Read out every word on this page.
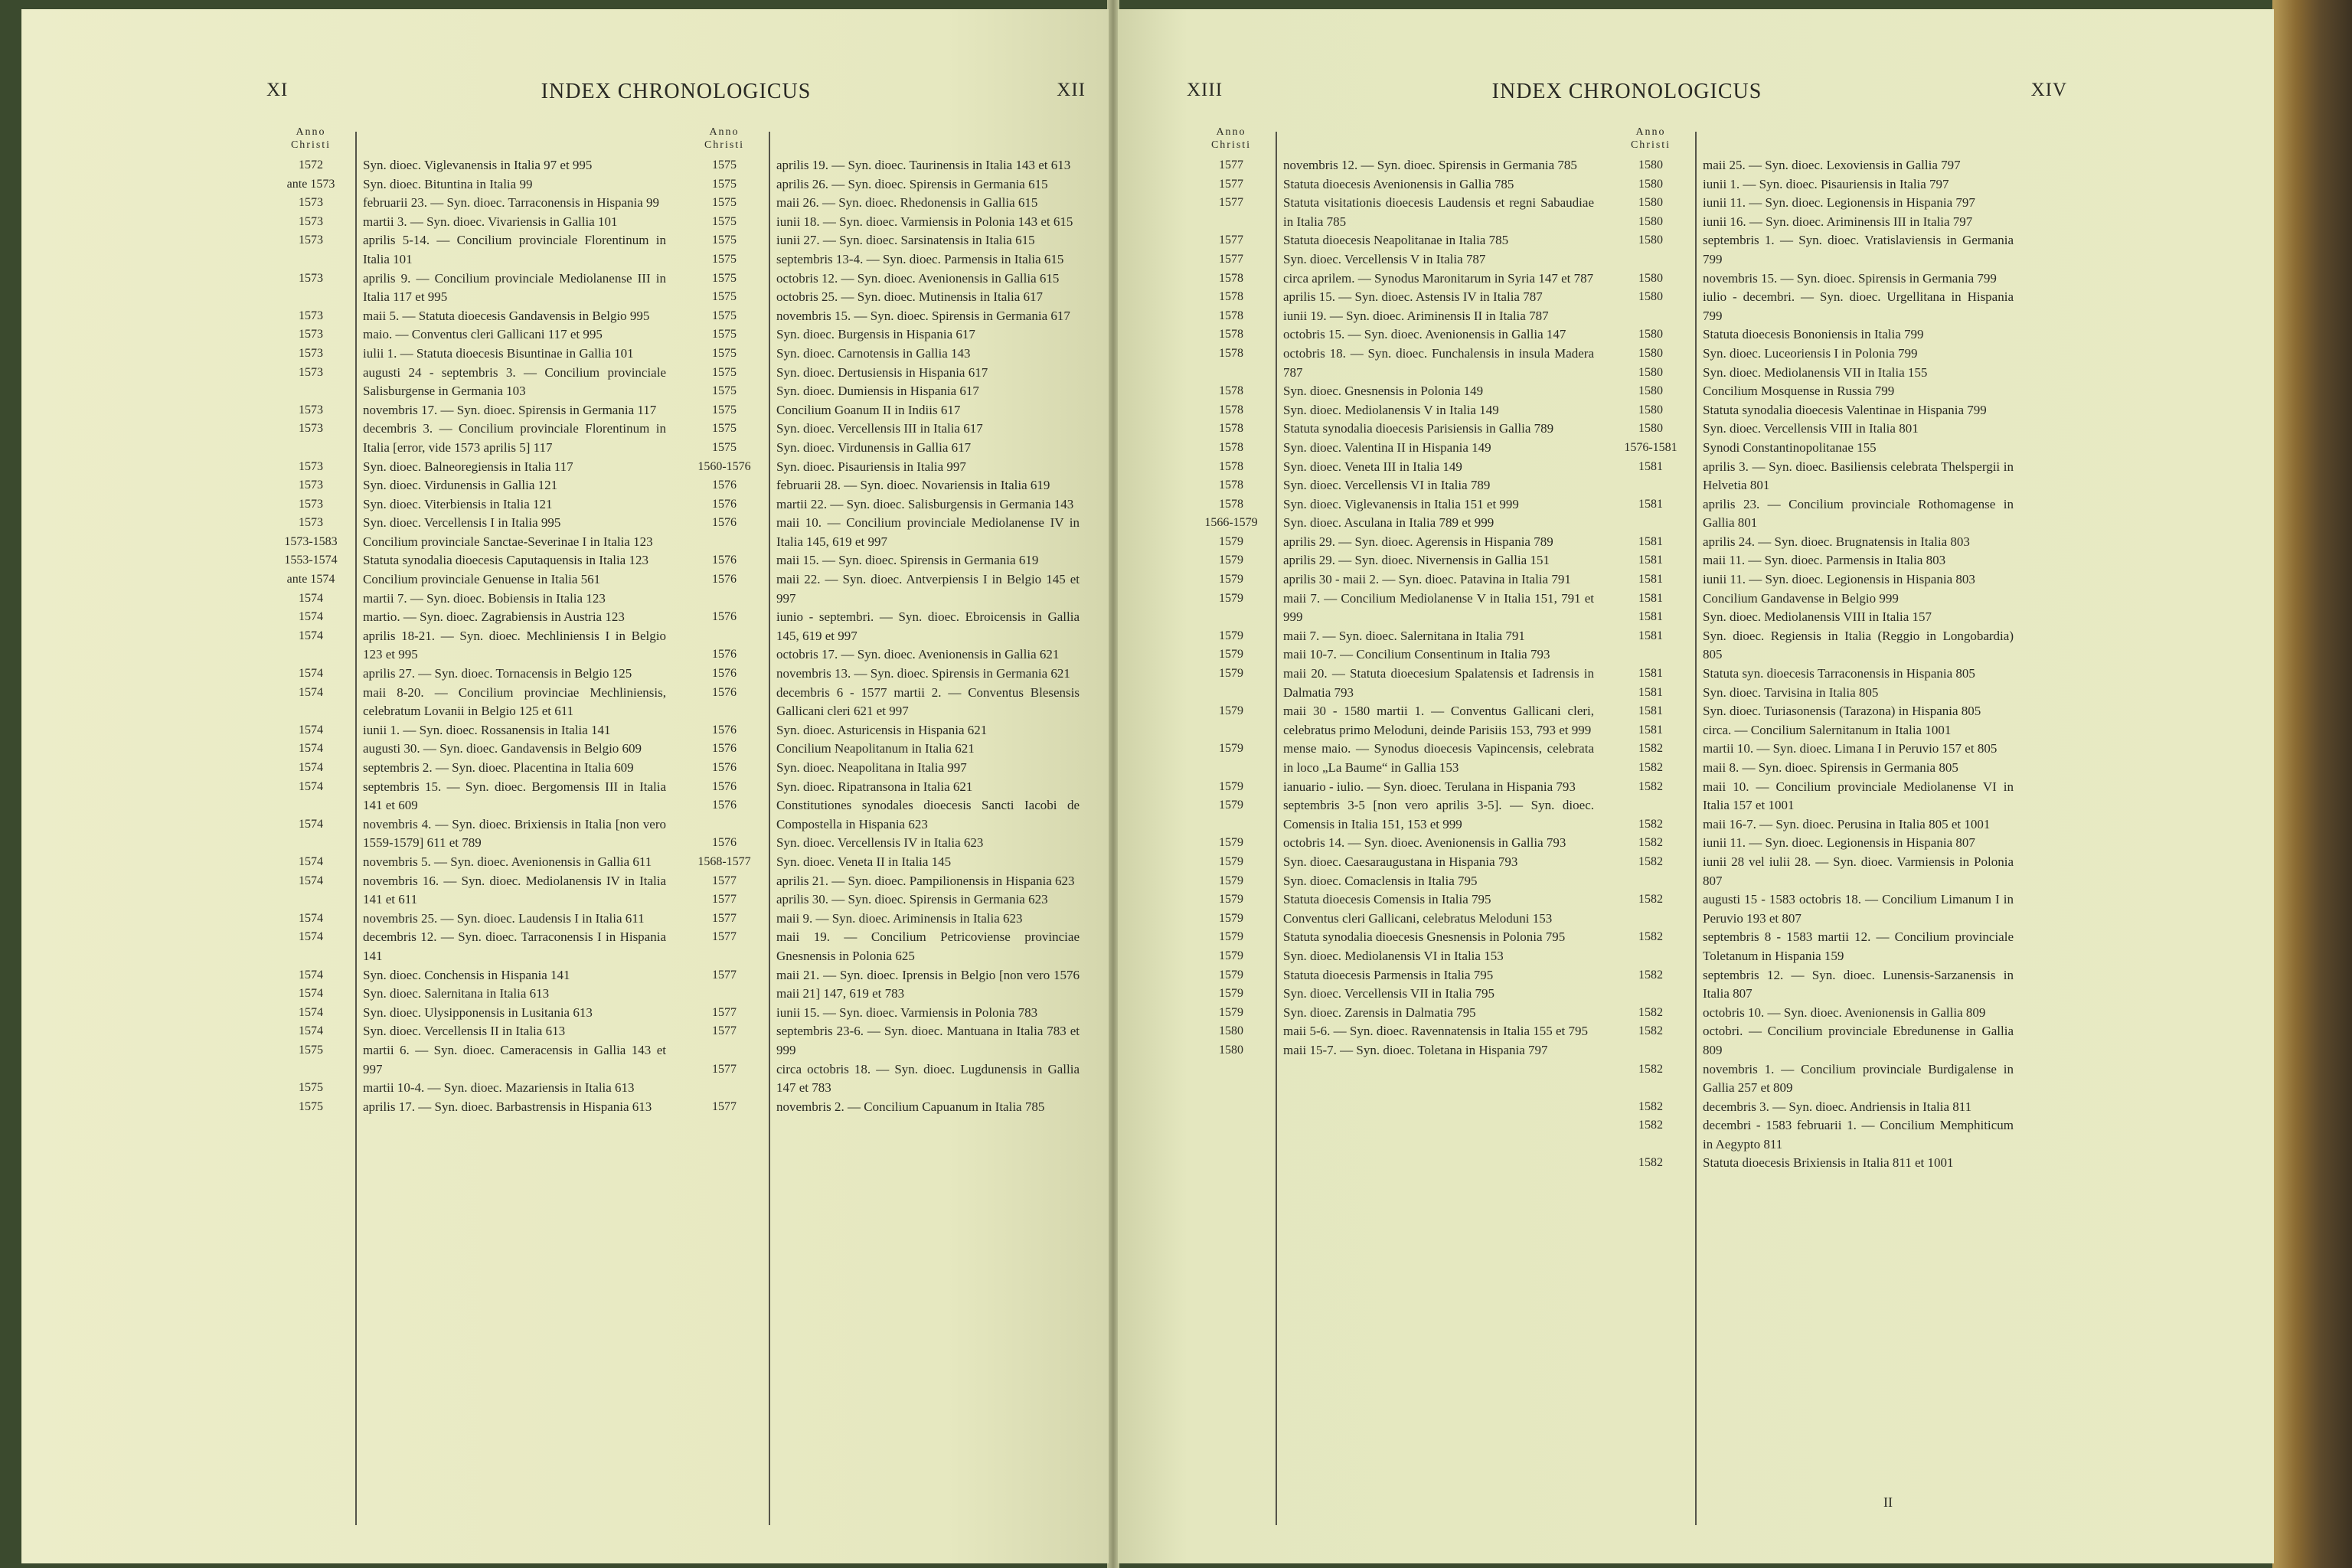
XI	INDEX CHRONOLOGICUS	XII
Anno
Christi
1572	Syn. dioec. Viglevanensis in Italia 97 et 995
ante 1573	Syn. dioec. Bituntina in Italia 99
1573	februarii 23. — Syn. dioec. Tarraconensis in Hispania 99
1573	martii 3. — Syn. dioec. Vivariensis in Gallia 101
1573	aprilis 5-14. — Concilium provinciale Florentinum in Italia 101
1573	aprilis 9. — Concilium provinciale Mediolanense III in Italia 117 et 995
1573	maii 5. — Statuta dioecesis Gandavensis in Belgio 995
1573	maio. — Conventus cleri Gallicani 117 et 995
1573	iulii 1. — Statuta dioecesis Bisuntinae in Gallia 101
1573	augusti 24 - septembris 3. — Concilium provinciale Salisburgense in Germania 103
1573	novembris 17. — Syn. dioec. Spirensis in Germania 117
1573	decembris 3. — Concilium provinciale Florentinum in Italia [error, vide 1573 aprilis 5] 117
1573	Syn. dioec. Balneoregiensis in Italia 117
1573	Syn. dioec. Virdunensis in Gallia 121
1573	Syn. dioec. Viterbiensis in Italia 121
1573	Syn. dioec. Vercellensis I in Italia 995
1573-1583	Concilium provinciale Sanctae-Severinae I in Italia 123
1553-1574	Statuta synodalia dioecesis Caputaquensis in Italia 123
ante 1574	Concilium provinciale Genuense in Italia 561
1574	martii 7. — Syn. dioec. Bobiensis in Italia 123
1574	martio. — Syn. dioec. Zagrabiensis in Austria 123
1574	aprilis 18-21. — Syn. dioec. Mechliniensis I in Belgio 123 et 995
1574	aprilis 27. — Syn. dioec. Tornacensis in Belgio 125
1574	maii 8-20. — Concilium provinciae Mechliniensis, celebratum Lovanii in Belgio 125 et 611
1574	iunii 1. — Syn. dioec. Rossanensis in Italia 141
1574	augusti 30. — Syn. dioec. Gandavensis in Belgio 609
1574	septembris 2. — Syn. dioec. Placentina in Italia 609
1574	septembris 15. — Syn. dioec. Bergomensis III in Italia 141 et 609
1574	novembris 4. — Syn. dioec. Brixiensis in Italia [non vero 1559-1579] 611 et 789
1574	novembris 5. — Syn. dioec. Avenionensis in Gallia 611
1574	novembris 16. — Syn. dioec. Mediolanensis IV in Italia 141 et 611
1574	novembris 25. — Syn. dioec. Laudensis I in Italia 611
1574	decembris 12. — Syn. dioec. Tarraconensis I in Hispania 141
1574	Syn. dioec. Conchensis in Hispania 141
1574	Syn. dioec. Salernitana in Italia 613
1574	Syn. dioec. Ulysipponensis in Lusitania 613
1574	Syn. dioec. Vercellensis II in Italia 613
1575	martii 6. — Syn. dioec. Cameracensis in Gallia 143 et 997
1575	martii 10-4. — Syn. dioec. Mazariensis in Italia 613
1575	aprilis 17. — Syn. dioec. Barbastrensis in Hispania 613
Anno
Christi
1575	aprilis 19. — Syn. dioec. Taurinensis in Italia 143 et 613
1575	aprilis 26. — Syn. dioec. Spirensis in Germania 615
1575	maii 26. — Syn. dioec. Rhedonensis in Gallia 615
1575	iunii 18. — Syn. dioec. Varmiensis in Polonia 143 et 615
1575	iunii 27. — Syn. dioec. Sarsinatensis in Italia 615
1575	septembris 13-4. — Syn. dioec. Parmensis in Italia 615
1575	octobris 12. — Syn. dioec. Avenionensis in Gallia 615
1575	octobris 25. — Syn. dioec. Mutinensis in Italia 617
1575	novembris 15. — Syn. dioec. Spirensis in Germania 617
1575	Syn. dioec. Burgensis in Hispania 617
1575	Syn. dioec. Carnotensis in Gallia 143
1575	Syn. dioec. Dertusiensis in Hispania 617
1575	Syn. dioec. Dumiensis in Hispania 617
1575	Concilium Goanum II in Indiis 617
1575	Syn. dioec. Vercellensis III in Italia 617
1575	Syn. dioec. Virdunensis in Gallia 617
1560-1576	Syn. dioec. Pisauriensis in Italia 997
1576	februarii 28. — Syn. dioec. Novariensis in Italia 619
1576	martii 22. — Syn. dioec. Salisburgensis in Germania 143
1576	maii 10. — Concilium provinciale Mediolanense IV in Italia 145, 619 et 997
1576	maii 15. — Syn. dioec. Spirensis in Germania 619
1576	maii 22. — Syn. dioec. Antverpiensis I in Belgio 145 et 997
1576	iunio - septembri. — Syn. dioec. Ebroicensis in Gallia 145, 619 et 997
1576	octobris 17. — Syn. dioec. Avenionensis in Gallia 621
1576	novembris 13. — Syn. dioec. Spirensis in Germania 621
1576	decembris 6 - 1577 martii 2. — Conventus Blesensis Gallicani cleri 621 et 997
1576	Syn. dioec. Asturicensis in Hispania 621
1576	Concilium Neapolitanum in Italia 621
1576	Syn. dioec. Neapolitana in Italia 997
1576	Syn. dioec. Ripatransona in Italia 621
1576	Constitutiones synodales dioecesis Sancti Iacobi de Compostella in Hispania 623
1576	Syn. dioec. Vercellensis IV in Italia 623
1568-1577	Syn. dioec. Veneta II in Italia 145
1577	aprilis 21. — Syn. dioec. Pampilionensis in Hispania 623
1577	aprilis 30. — Syn. dioec. Spirensis in Germania 623
1577	maii 9. — Syn. dioec. Ariminensis in Italia 623
1577	maii 19. — Concilium Petricoviense provinciae Gnesnensis in Polonia 625
1577	maii 21. — Syn. dioec. Iprensis in Belgio [non vero 1576 maii 21] 147, 619 et 783
1577	iunii 15. — Syn. dioec. Varmiensis in Polonia 783
1577	septembris 23-6. — Syn. dioec. Mantuana in Italia 783 et 999
1577	circa octobris 18. — Syn. dioec. Lugdunensis in Gallia 147 et 783
1577	novembris 2. — Concilium Capuanum in Italia 785
XIII	INDEX CHRONOLOGICUS	XIV
Anno
Christi
1577	novembris 12. — Syn. dioec. Spirensis in Germania 785
1577	Statuta dioecesis Avenionensis in Gallia 785
1577	Statuta visitationis dioecesis Laudensis et regni Sabaudiae in Italia 785
1577	Statuta dioecesis Neapolitanae in Italia 785
1577	Syn. dioec. Vercellensis V in Italia 787
1578	circa aprilem. — Synodus Maronitarum in Syria 147 et 787
1578	aprilis 15. — Syn. dioec. Astensis IV in Italia 787
1578	iunii 19. — Syn. dioec. Ariminensis II in Italia 787
1578	octobris 15. — Syn. dioec. Avenionensis in Gallia 147
1578	octobris 18. — Syn. dioec. Funchalensis in insula Madera 787
1578	Syn. dioec. Gnesnensis in Polonia 149
1578	Syn. dioec. Mediolanensis V in Italia 149
1578	Statuta synodalia dioecesis Parisiensis in Gallia 789
1578	Syn. dioec. Valentina II in Hispania 149
1578	Syn. dioec. Veneta III in Italia 149
1578	Syn. dioec. Vercellensis VI in Italia 789
1578	Syn. dioec. Viglevanensis in Italia 151 et 999
1566-1579	Syn. dioec. Asculana in Italia 789 et 999
1579	aprilis 29. — Syn. dioec. Agerensis in Hispania 789
1579	aprilis 29. — Syn. dioec. Nivernensis in Gallia 151
1579	aprilis 30 - maii 2. — Syn. dioec. Patavina in Italia 791
1579	maii 7. — Concilium Mediolanense V in Italia 151, 791 et 999
1579	maii 7. — Syn. dioec. Salernitana in Italia 791
1579	maii 10-7. — Concilium Consentinum in Italia 793
1579	maii 20. — Statuta dioecesium Spalatensis et Iadrensis in Dalmatia 793
1579	maii 30 - 1580 martii 1. — Conventus Gallicani cleri, celebratus primo Meloduni, deinde Parisiis 153, 793 et 999
1579	mense maio. — Synodus dioecesis Vapincensis, celebrata in loco „La Baume“ in Gallia 153
1579	ianuario - iulio. — Syn. dioec. Terulana in Hispania 793
1579	septembris 3-5 [non vero aprilis 3-5]. — Syn. dioec. Comensis in Italia 151, 153 et 999
1579	octobris 14. — Syn. dioec. Avenionensis in Gallia 793
1579	Syn. dioec. Caesaraugustana in Hispania 793
1579	Syn. dioec. Comaclensis in Italia 795
1579	Statuta dioecesis Comensis in Italia 795
1579	Conventus cleri Gallicani, celebratus Meloduni 153
1579	Statuta synodalia dioecesis Gnesnensis in Polonia 795
1579	Syn. dioec. Mediolanensis VI in Italia 153
1579	Statuta dioecesis Parmensis in Italia 795
1579	Syn. dioec. Vercellensis VII in Italia 795
1579	Syn. dioec. Zarensis in Dalmatia 795
1580	maii 5-6. — Syn. dioec. Ravennatensis in Italia 155 et 795
1580	maii 15-7. — Syn. dioec. Toletana in Hispania 797
Anno
Christi
1580	maii 25. — Syn. dioec. Lexoviensis in Gallia 797
1580	iunii 1. — Syn. dioec. Pisauriensis in Italia 797
1580	iunii 11. — Syn. dioec. Legionensis in Hispania 797
1580	iunii 16. — Syn. dioec. Ariminensis III in Italia 797
1580	septembris 1. — Syn. dioec. Vratislaviensis in Germania 799
1580	novembris 15. — Syn. dioec. Spirensis in Germania 799
1580	iulio - decembri. — Syn. dioec. Urgellitana in Hispania 799
1580	Statuta dioecesis Bononiensis in Italia 799
1580	Syn. dioec. Luceoriensis I in Polonia 799
1580	Syn. dioec. Mediolanensis VII in Italia 155
1580	Concilium Mosquense in Russia 799
1580	Statuta synodalia dioecesis Valentinae in Hispania 799
1580	Syn. dioec. Vercellensis VIII in Italia 801
1576-1581	Synodi Constantinopolitanae 155
1581	aprilis 3. — Syn. dioec. Basiliensis celebrata Thelspergii in Helvetia 801
1581	aprilis 23. — Concilium provinciale Rothomagense in Gallia 801
1581	aprilis 24. — Syn. dioec. Brugnatensis in Italia 803
1581	maii 11. — Syn. dioec. Parmensis in Italia 803
1581	iunii 11. — Syn. dioec. Legionensis in Hispania 803
1581	Concilium Gandavense in Belgio 999
1581	Syn. dioec. Mediolanensis VIII in Italia 157
1581	Syn. dioec. Regiensis in Italia (Reggio in Longobardia) 805
1581	Statuta syn. dioecesis Tarraconensis in Hispania 805
1581	Syn. dioec. Tarvisina in Italia 805
1581	Syn. dioec. Turiasonensis (Tarazona) in Hispania 805
1581	circa. — Concilium Salernitanum in Italia 1001
1582	martii 10. — Syn. dioec. Limana I in Peruvio 157 et 805
1582	maii 8. — Syn. dioec. Spirensis in Germania 805
1582	maii 10. — Concilium provinciale Mediolanense VI in Italia 157 et 1001
1582	maii 16-7. — Syn. dioec. Perusina in Italia 805 et 1001
1582	iunii 11. — Syn. dioec. Legionensis in Hispania 807
1582	iunii 28 vel iulii 28. — Syn. dioec. Varmiensis in Polonia 807
1582	augusti 15 - 1583 octobris 18. — Concilium Limanum I in Peruvio 193 et 807
1582	septembris 8 - 1583 martii 12. — Concilium provinciale Toletanum in Hispania 159
1582	septembris 12. — Syn. dioec. Lunensis-Sarzanensis in Italia 807
1582	octobris 10. — Syn. dioec. Avenionensis in Gallia 809
1582	octobri. — Concilium provinciale Ebredunense in Gallia 809
1582	novembris 1. — Concilium provinciale Burdigalense in Gallia 257 et 809
1582	decembris 3. — Syn. dioec. Andriensis in Italia 811
1582	decembri - 1583 februarii 1. — Concilium Memphiticum in Aegypto 811
1582	Statuta dioecesis Brixiensis in Italia 811 et 1001
II
